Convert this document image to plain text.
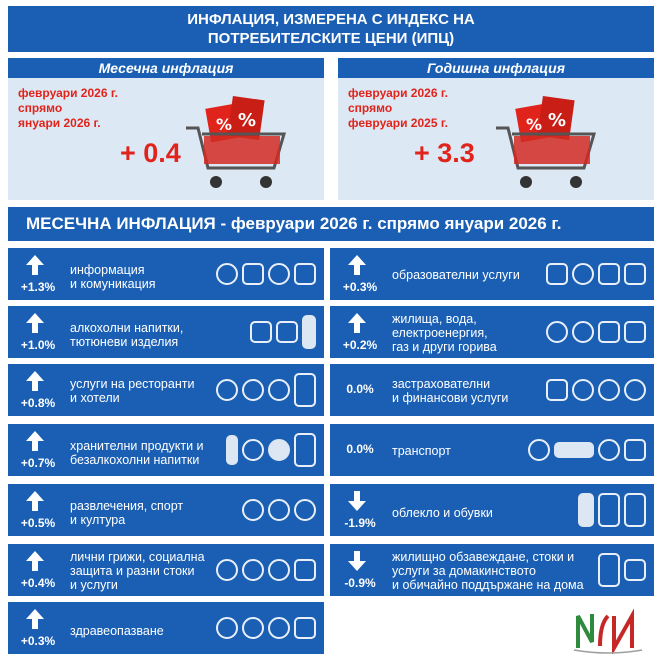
ИНФЛАЦИЯ, ИЗМЕРЕНА С ИНДЕКС НА
ПОТРЕБИТЕЛСКИТЕ ЦЕНИ (ИПЦ)
Месечна инфлация
февруари 2026 г. спрямо
януари 2026 г.
+ 0.4
% %
Годишна инфлация
февруари 2026 г. спрямо
февруари 2025 г.
+ 3.3
% %
МЕСЕЧНА ИНФЛАЦИЯ - февруари 2026 г. спрямо януари 2026 г.
+1.3%
информация
и комуникация
+1.0%
алкохолни напитки,
тютюневи изделия
+0.8%
услуги на ресторанти
и хотели
+0.7%
хранителни продукти и
безалкохолни напитки
+0.5%
развлечения, спорт
и култура
+0.4%
лични грижи, социална
защита и разни стоки
и услуги
+0.3%
здравеопазване
+0.3%
образователни услуги
+0.2%
жилища, вода,
електроенергия,
газ и други горива
0.0%	застрахователни
и финансови услуги
0.0%	транспорт
-1.9%
облекло и обувки
-0.9%
жилищно обзавеждане, стоки и
услуги за домакинството
и обичайно поддържане на дома
